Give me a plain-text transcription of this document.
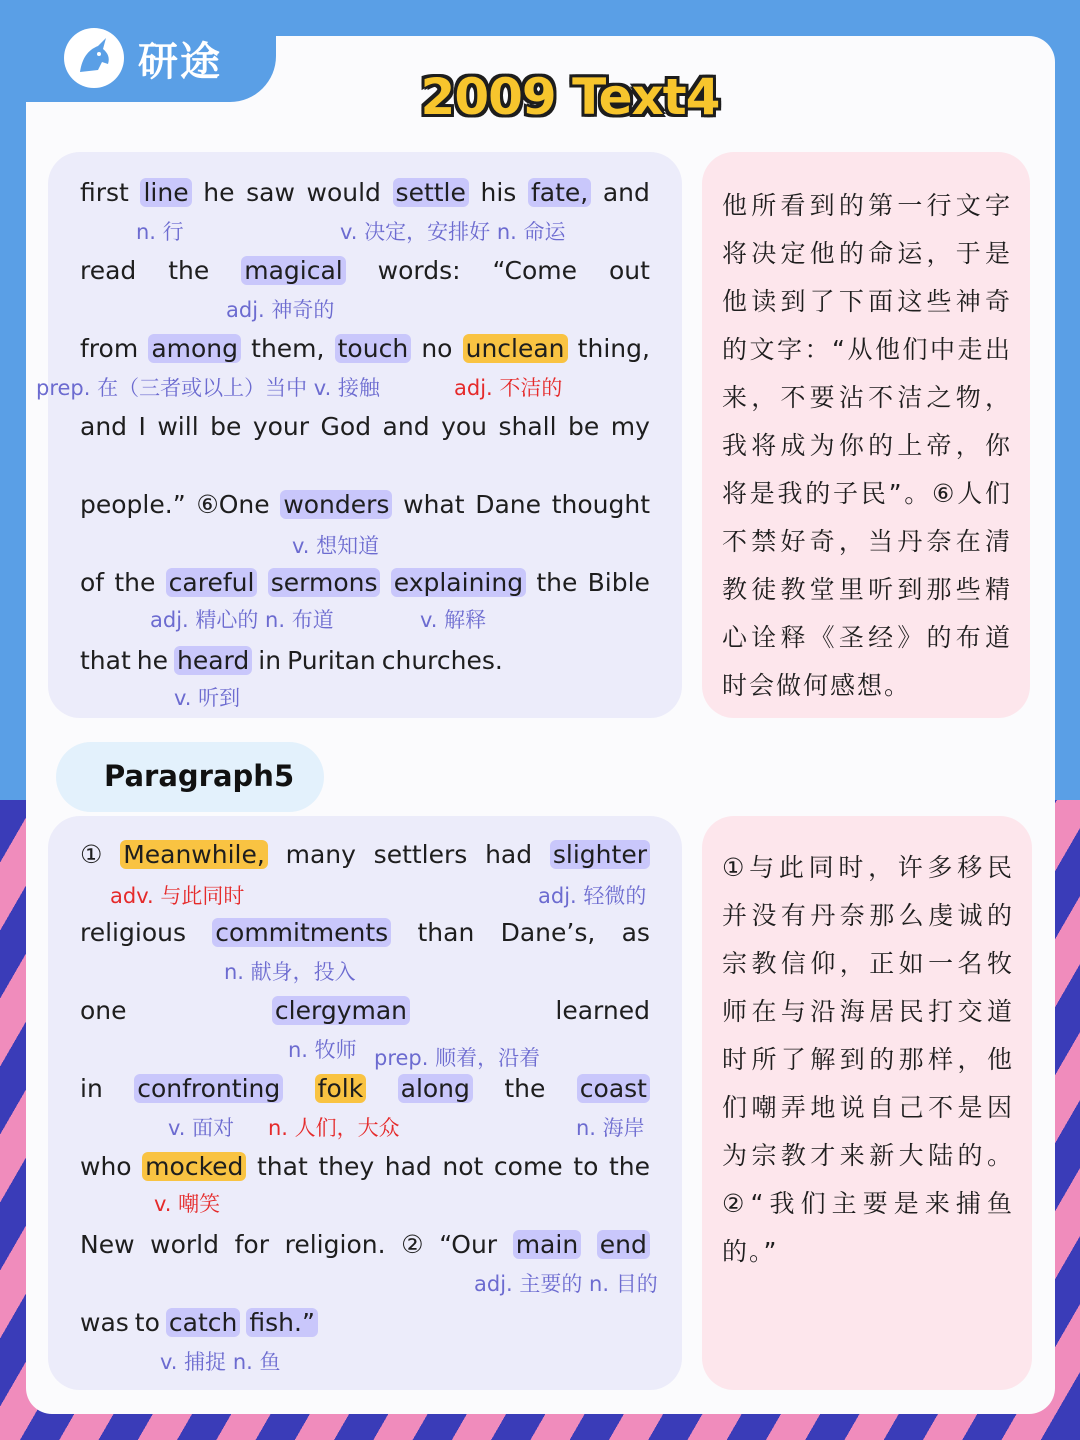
研途
2009 Text4
first line he saw would settle his fate, and
n. 行	v. 决定，安排好 n. 命运
read the magical words: “Come out
adj. 神奇的
from among them, touch no unclean thing,
prep. 在（三者或以上）当中 v. 接触	adj. 不洁的
and I will be your God and you shall be my
people.” ⑥One wonders what Dane thought
v. 想知道
of the careful sermons explaining the Bible
adj. 精心的 n. 布道	v. 解释
that he heard in Puritan churches.
v. 听到
他所看到的第一行文字将决定他的命运，于是他读到了下面这些神奇的文字：“从他们中走出来，不要沾不洁之物，我将成为你的上帝，你将是我的子民”。⑥人们不禁好奇，当丹奈在清教徒教堂里听到那些精心诠释《圣经》的布道时会做何感想。
Paragraph5
① Meanwhile, many settlers had slighter
adv. 与此同时	adj. 轻微的
religious commitments than Dane’s, as
n. 献身，投入
one	clergyman	learned
n. 牧师 prep. 顺着，沿着
in confronting folk along the coast
v. 面对 n. 人们，大众	n. 海岸
who mocked that they had not come to the
v. 嘲笑
New world for religion. ② “Our main end
adj. 主要的 n. 目的
was to catch fish.”
v. 捕捉 n. 鱼
①与此同时，许多移民并没有丹奈那么虔诚的宗教信仰，正如一名牧师在与沿海居民打交道时所了解到的那样，他们嘲弄地说自己不是因为宗教才来新大陆的。②“我们主要是来捕鱼的。”
